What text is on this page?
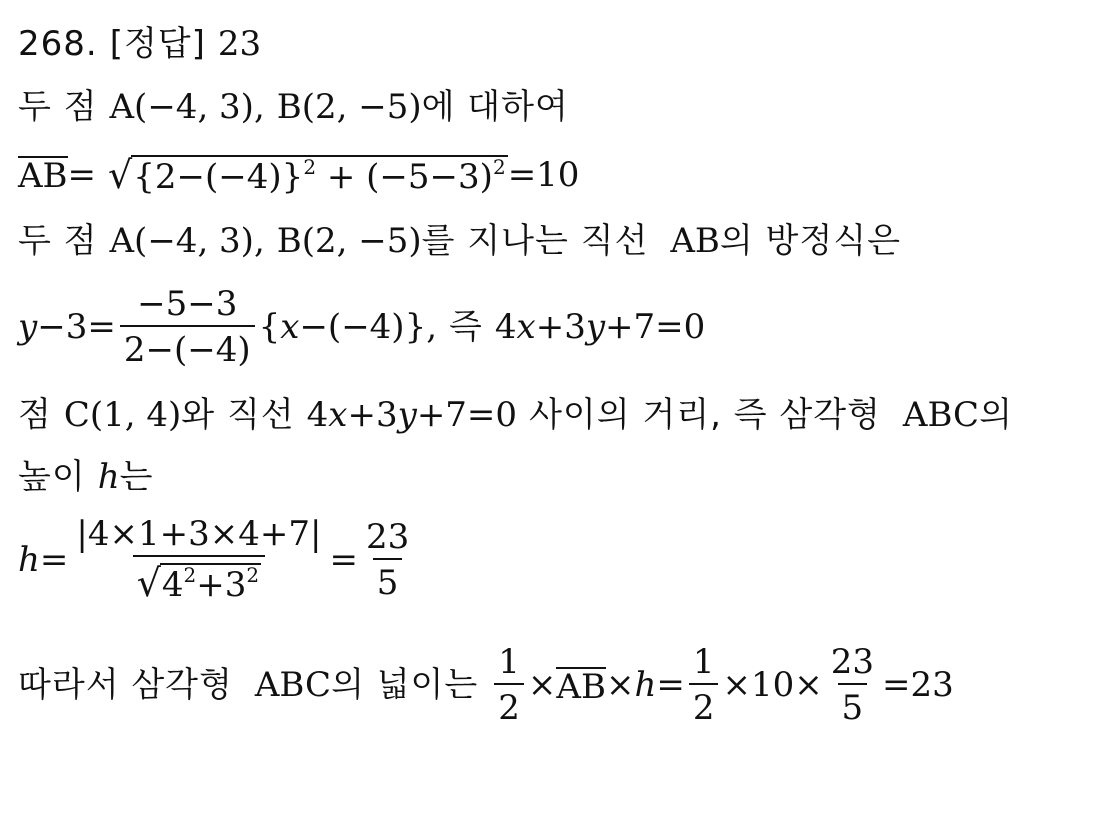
268. [정답] 23
두 점 A(−4, 3), B(2, −5) 에 대하여
AB = √ $\{2-(-4)\}^2 + (-5-3)^2 =10$
두 점 A(−4, 3), B(2, −5) 를 지나는 직선 AB 의 방정식은
$y -3= \frac{-5-3}{2-(-4)}$ { x −(−4)}, 즉 4 x +3 y +7=0
점 C(1, 4) 와 직선 4 x +3 y +7=0 사이의 거리, 즉 삼각형 ABC 의
높이 h 는
$h = \frac{|4\times 1+3\times 4+7|}{√ 4^2+3^2} = \frac{23}{5}$
따라서 삼각형 ABC 의 넓이는 $\frac{1}{2}$ × AB × $h = \frac{1}{2} \times 10\times \frac{23}{5} =23$
